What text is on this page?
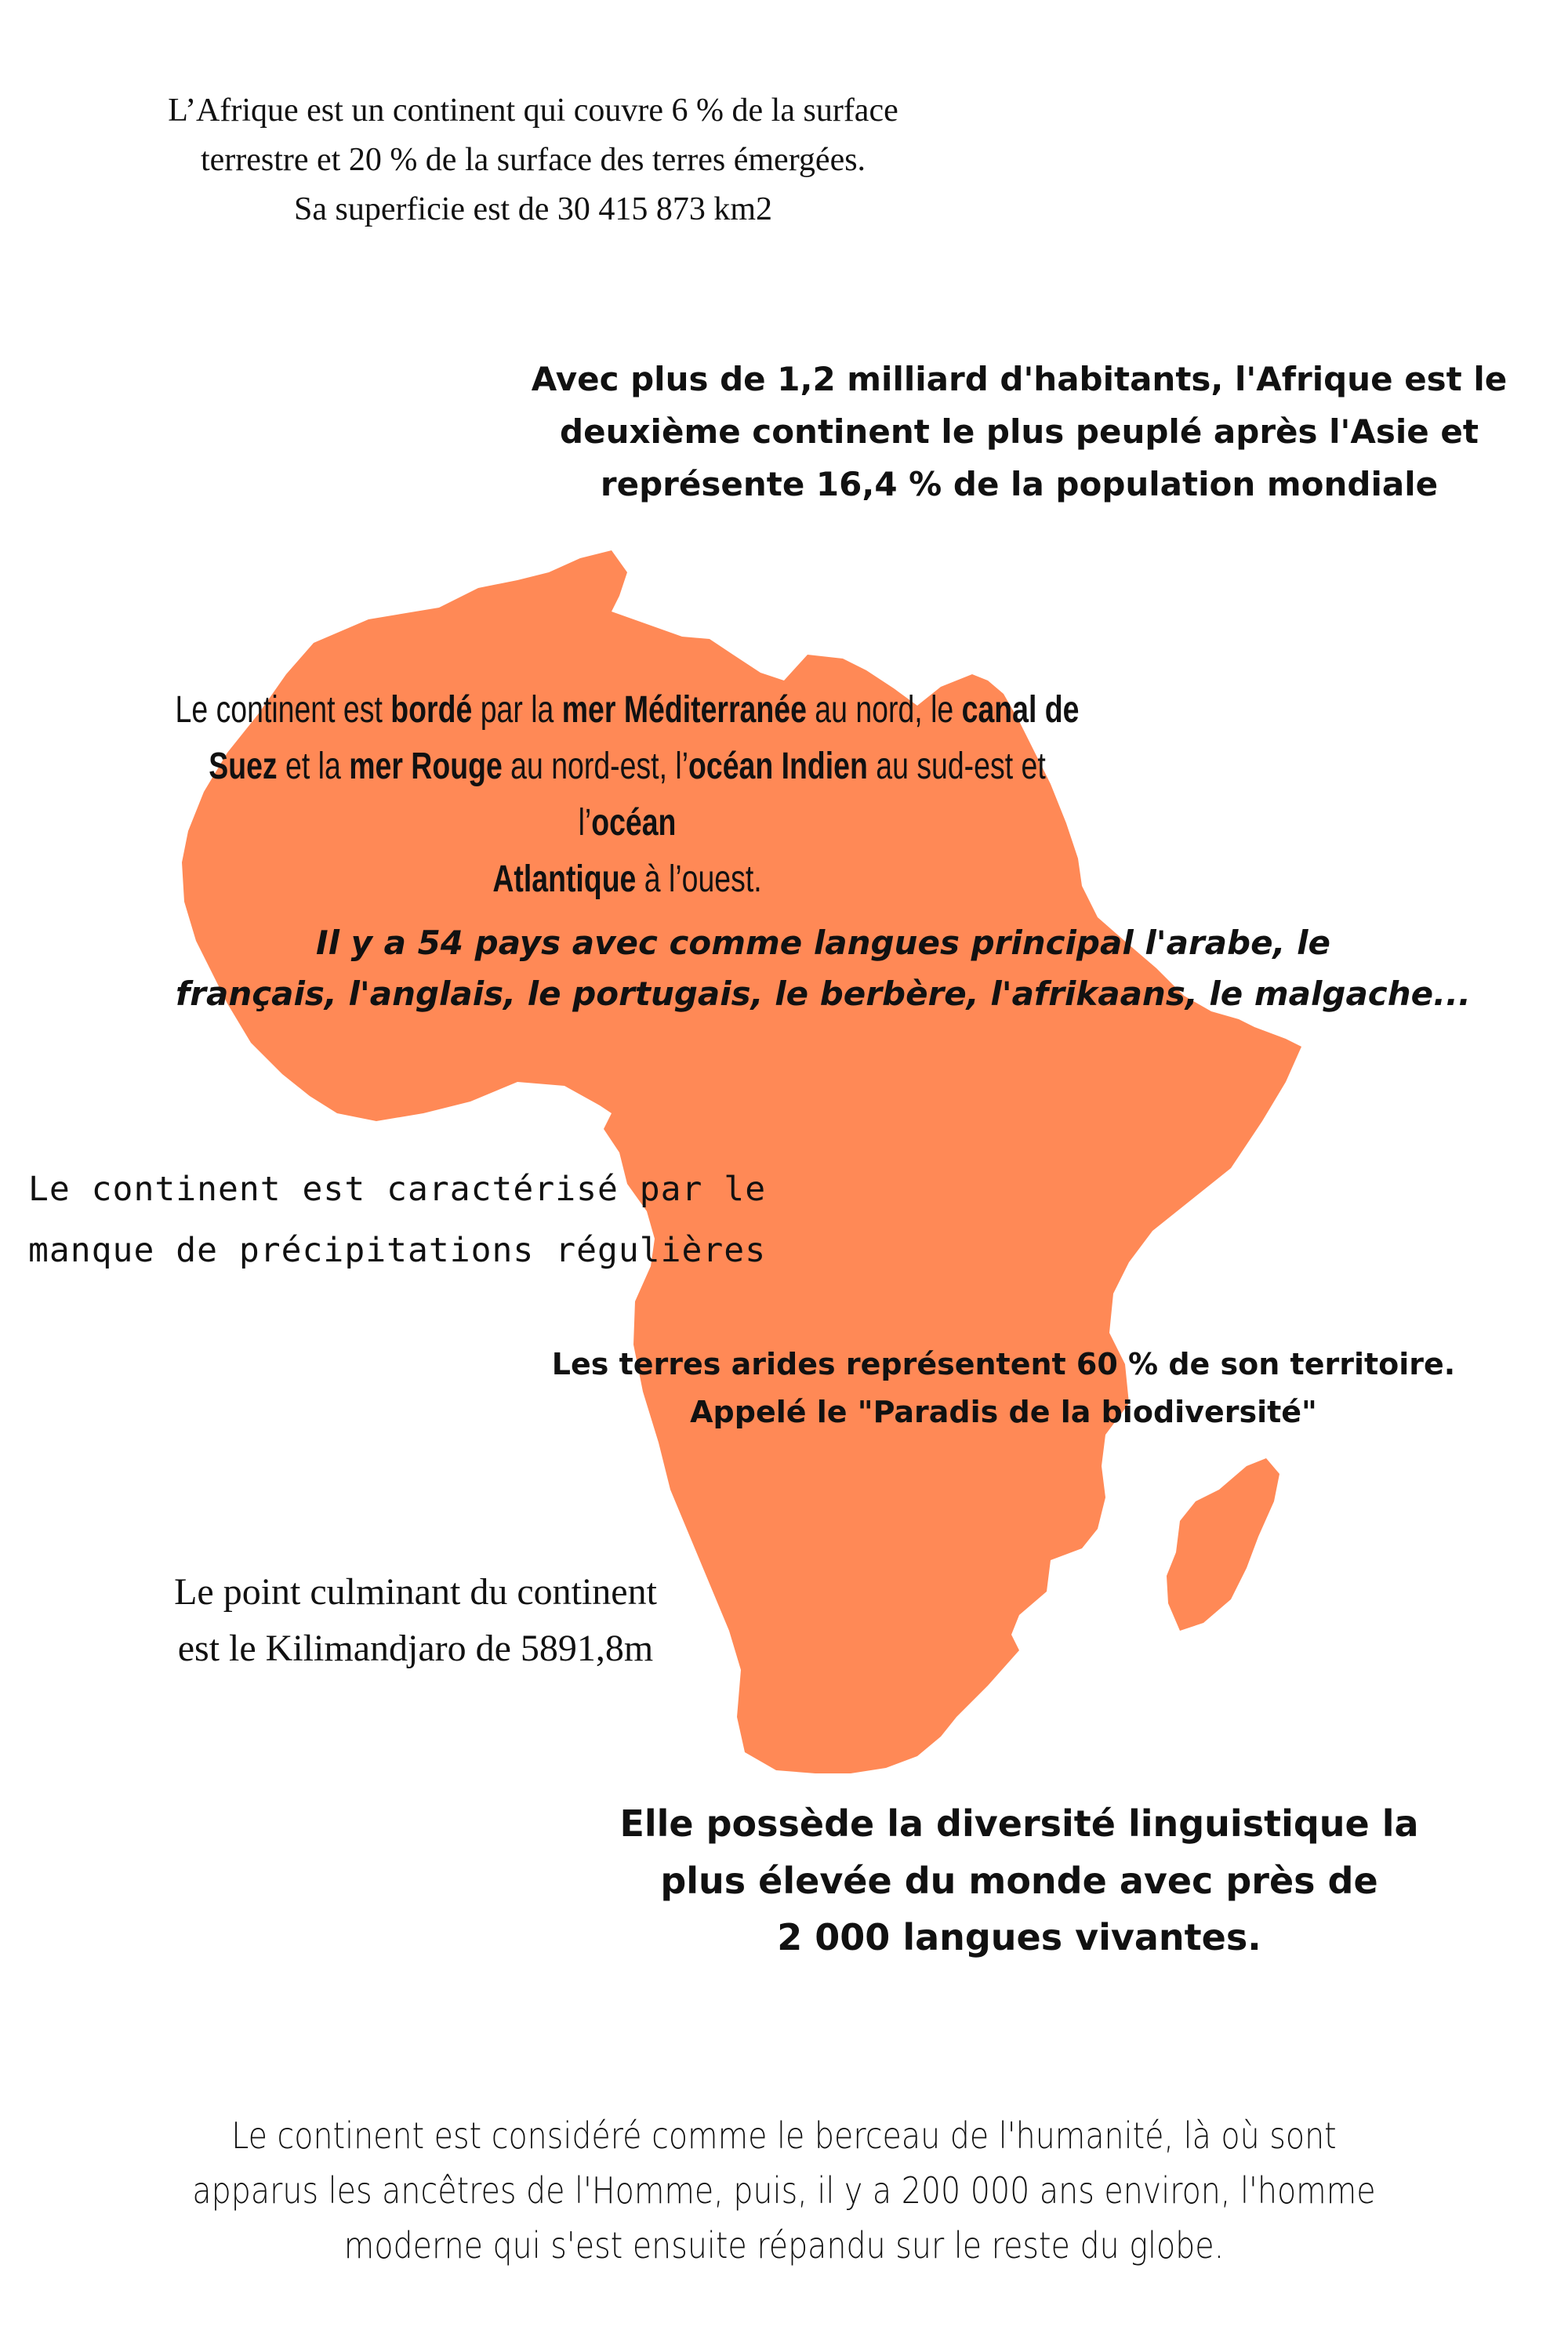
L’Afrique est un continent qui couvre 6 % de la surface
terrestre et 20 % de la surface des terres émergées.
Sa superficie est de 30 415 873 km2
Avec plus de 1,2 milliard d'habitants, l'Afrique est le
deuxième continent le plus peuplé après l'Asie et
représente 16,4 % de la population mondiale
Le continent est bordé par la mer Méditerranée au nord, le canal de
Suez et la mer Rouge au nord-est, l’océan Indien au sud-est et l’océan
Atlantique à l’ouest.
Il y a 54 pays avec comme langues principal l'arabe, le
français, l'anglais, le portugais, le berbère, l'afrikaans, le malgache...
Le continent est caractérisé par le
manque de précipitations régulières
Les terres arides représentent 60 % de son territoire.
Appelé le "Paradis de la biodiversité"
Le point culminant du continent
est le Kilimandjaro de 5891,8m
Elle possède la diversité linguistique la
plus élevée du monde avec près de
2 000 langues vivantes.
Le continent est considéré comme le berceau de l'humanité, là où sont
apparus les ancêtres de l'Homme, puis, il y a 200 000 ans environ, l'homme
moderne qui s'est ensuite répandu sur le reste du globe.
